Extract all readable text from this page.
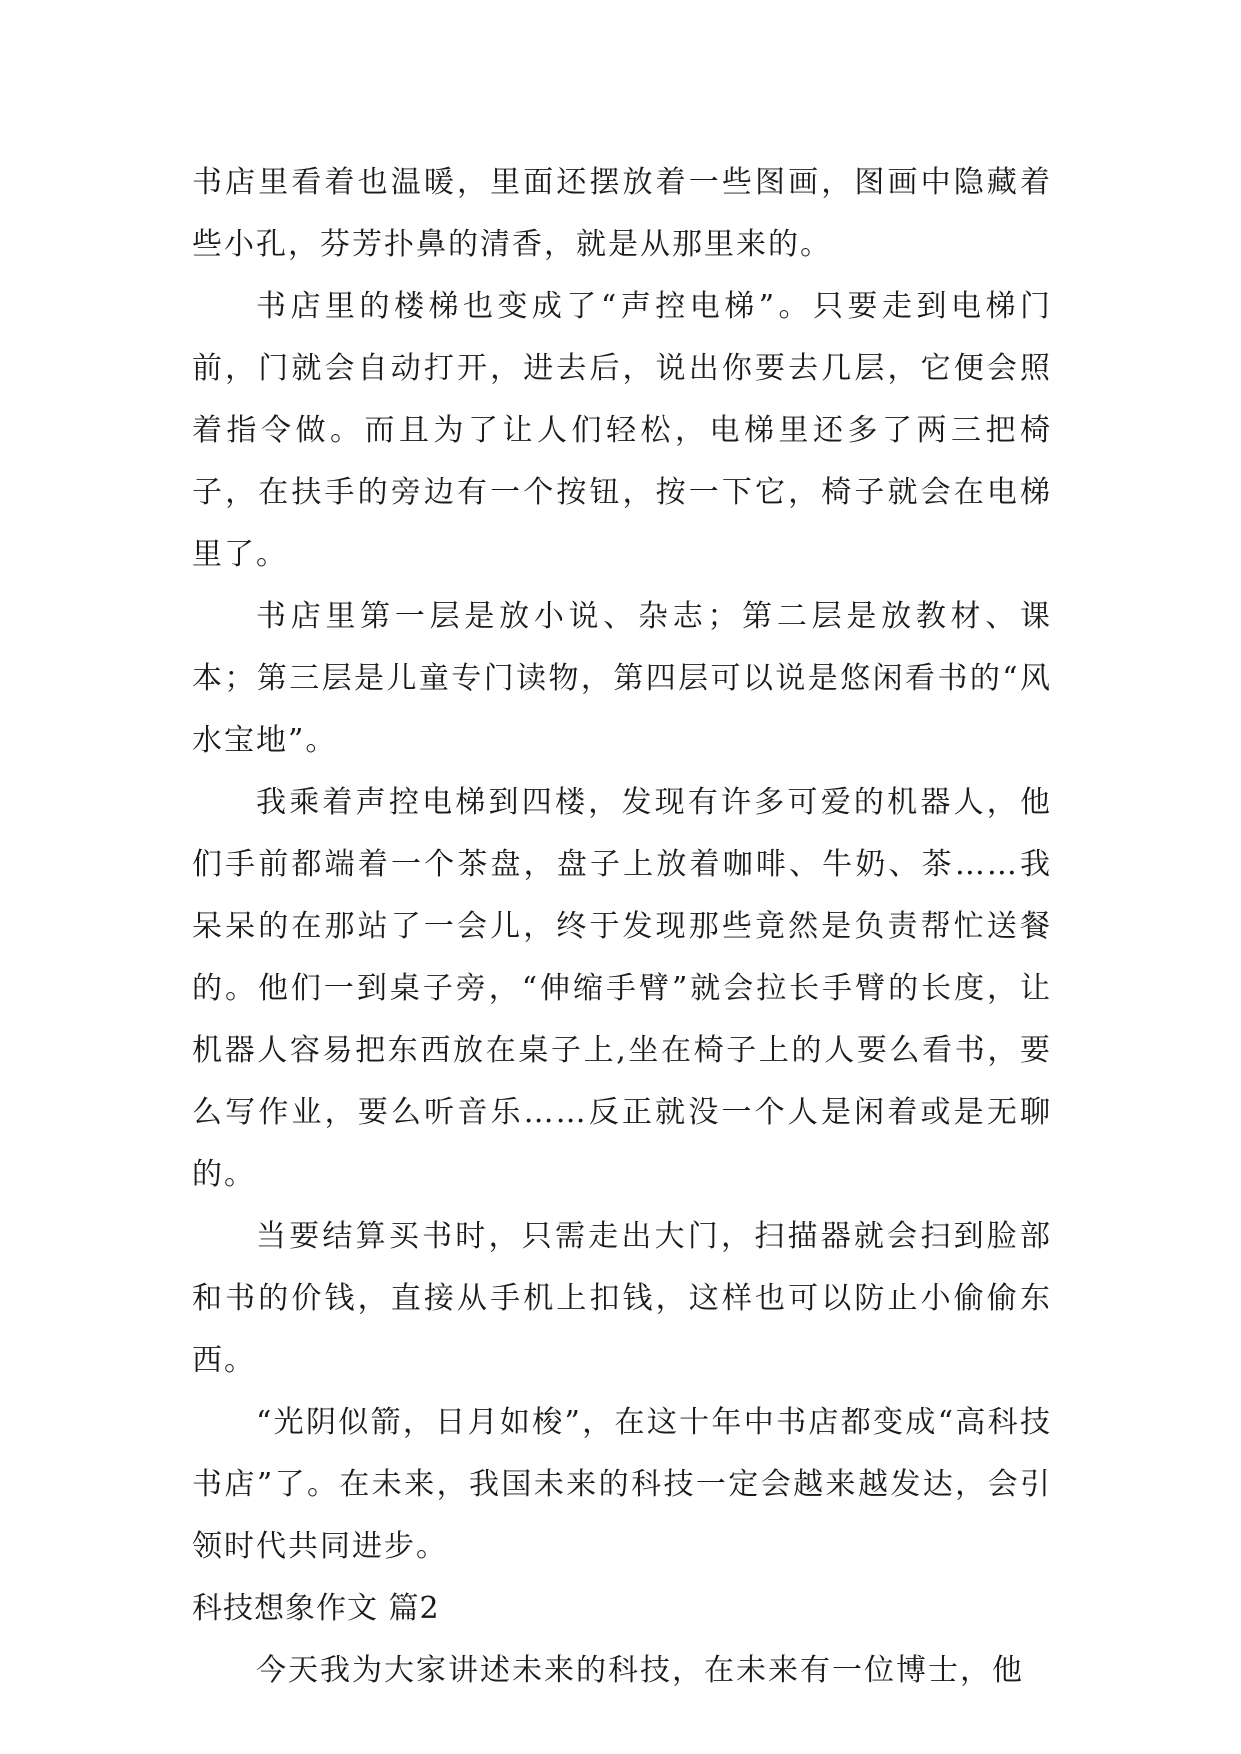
书店里看着也温暖，里面还摆放着一些图画，图画中隐藏着些小孔，芬芳扑鼻的清香，就是从那里来的。

书店里的楼梯也变成了“声控电梯”。只要走到电梯门前，门就会自动打开，进去后，说出你要去几层，它便会照着指令做。而且为了让人们轻松，电梯里还多了两三把椅子，在扶手的旁边有一个按钮，按一下它，椅子就会在电梯里了。

书店里第一层是放小说、杂志；第二层是放教材、课本；第三层是儿童专门读物，第四层可以说是悠闲看书的“风水宝地”。

我乘着声控电梯到四楼，发现有许多可爱的机器人，他们手前都端着一个茶盘，盘子上放着咖啡、牛奶、茶……我呆呆的在那站了一会儿，终于发现那些竟然是负责帮忙送餐的。他们一到桌子旁，“伸缩手臂”就会拉长手臂的长度，让机器人容易把东西放在桌子上,坐在椅子上的人要么看书，要么写作业，要么听音乐……反正就没一个人是闲着或是无聊的。

当要结算买书时，只需走出大门，扫描器就会扫到脸部和书的价钱，直接从手机上扣钱，这样也可以防止小偷偷东西。

“光阴似箭，日月如梭”，在这十年中书店都变成“高科技书店”了。在未来，我国未来的科技一定会越来越发达，会引领时代共同进步。

科技想象作文 篇2

今天我为大家讲述未来的科技，在未来有一位博士，他
